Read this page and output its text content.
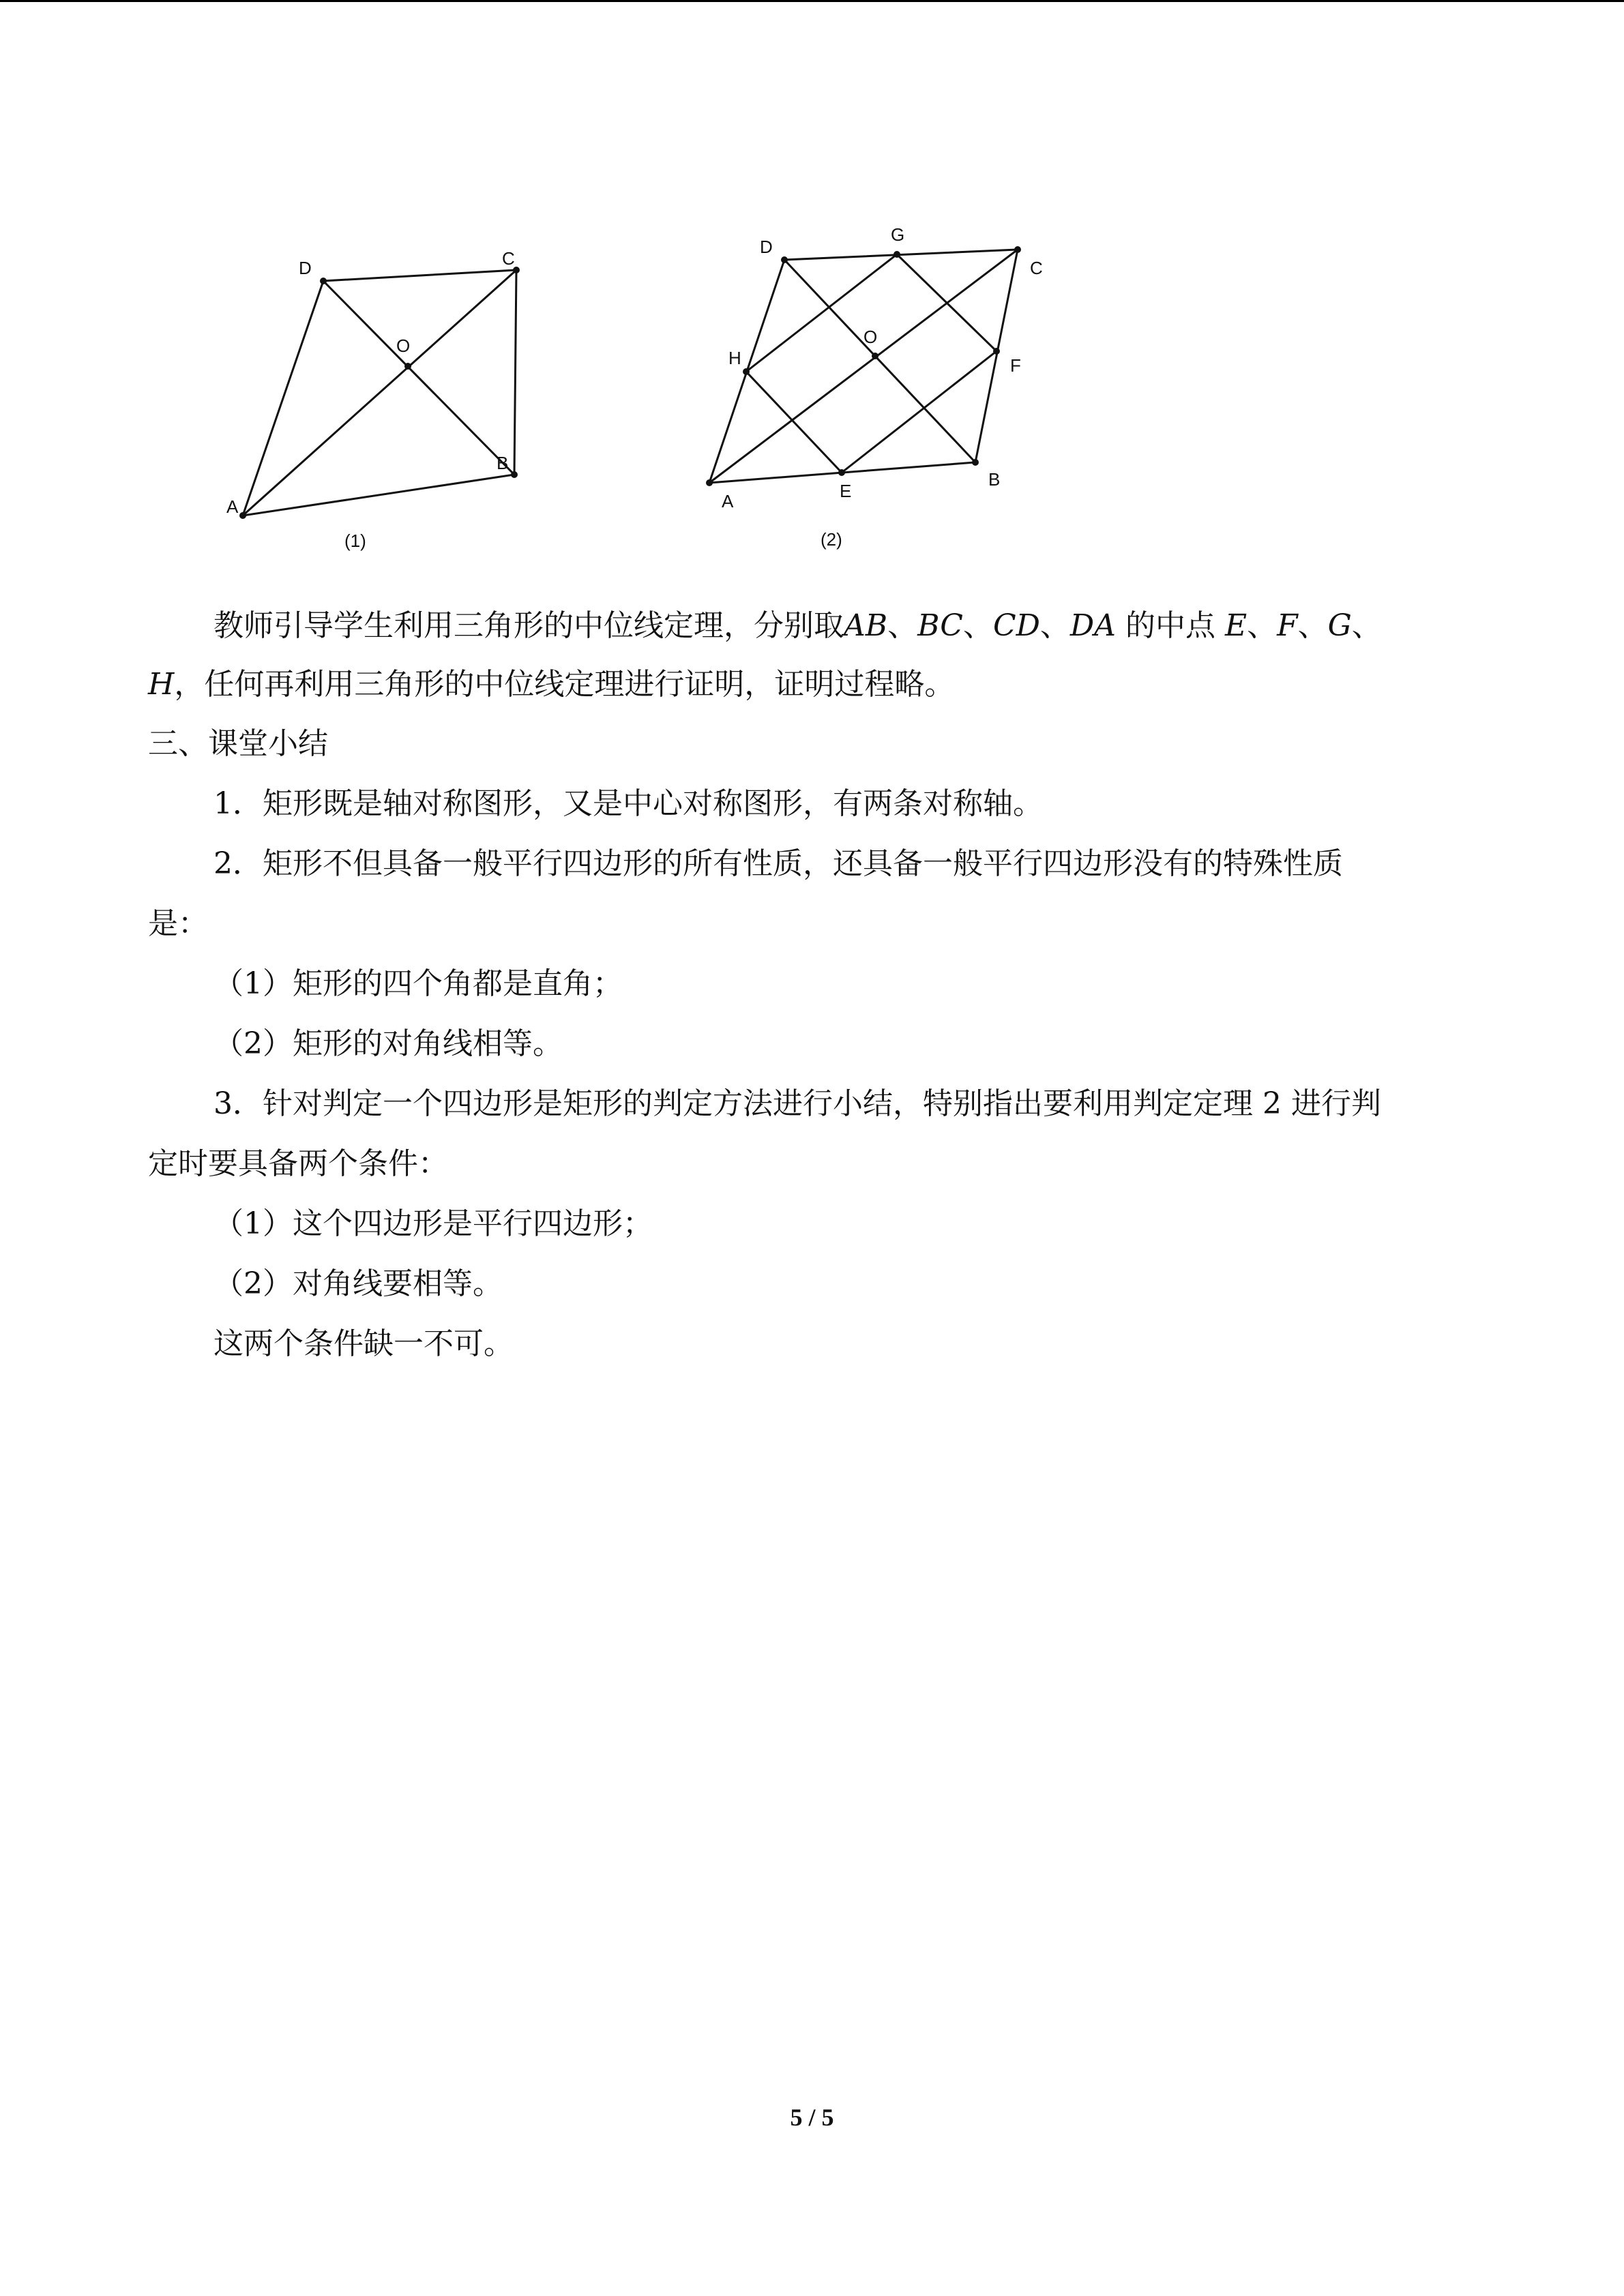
A
B
C
D
O
(1)
A
B
C
D
E
F
G
H
O
(2)
教师引导学生利用三角形的中位线定理，分别取AB、BC、CD、DA 的中点 E、F、G、
H，任何再利用三角形的中位线定理进行证明，证明过程略。
三、课堂小结
1．矩形既是轴对称图形，又是中心对称图形，有两条对称轴。
2．矩形不但具备一般平行四边形的所有性质，还具备一般平行四边形没有的特殊性质
是：
（1）矩形的四个角都是直角；
（2）矩形的对角线相等。
3．针对判定一个四边形是矩形的判定方法进行小结，特别指出要利用判定定理 2 进行判
定时要具备两个条件：
（1）这个四边形是平行四边形；
（2）对角线要相等。
这两个条件缺一不可。
5 / 5
